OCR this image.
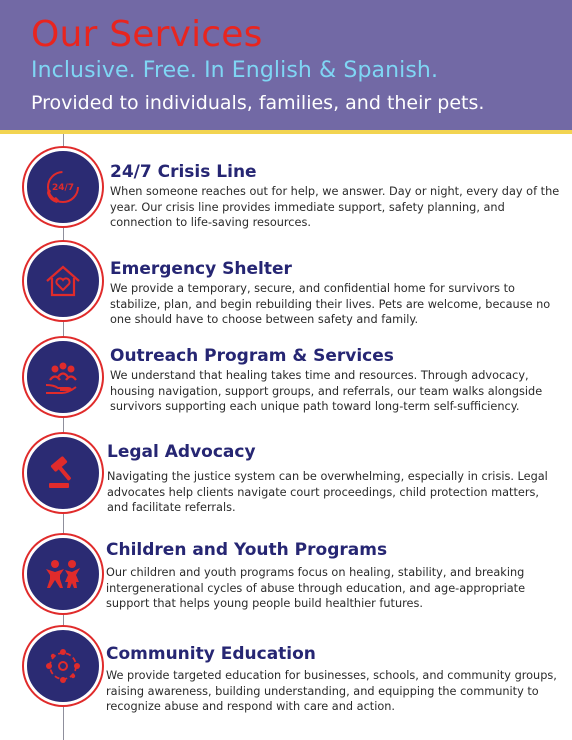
Our Services
Inclusive. Free. In English & Spanish.
Provided to individuals, families, and their pets.
24/7
24/7 Crisis Line
When someone reaches out for help, we answer. Day or night, every day of the year. Our crisis line provides immediate support, safety planning, and connection to life-saving resources.
Emergency Shelter
We provide a temporary, secure, and confidential home for survivors to stabilize, plan, and begin rebuilding their lives. Pets are welcome, because no one should have to choose between safety and family.
Outreach Program & Services
We understand that healing takes time and resources. Through advocacy, housing navigation, support groups, and referrals, our team walks alongside survivors supporting each unique path toward long-term self-sufficiency.
Legal Advocacy
Navigating the justice system can be overwhelming, especially in crisis. Legal advocates help clients navigate court proceedings, child protection matters, and facilitate referrals.
Children and Youth Programs
Our children and youth programs focus on healing, stability, and breaking intergenerational cycles of abuse through education, and age-appropriate support that helps young people build healthier futures.
Community Education
We provide targeted education for businesses, schools, and community groups, raising awareness, building understanding, and equipping the community to recognize abuse and respond with care and action.
